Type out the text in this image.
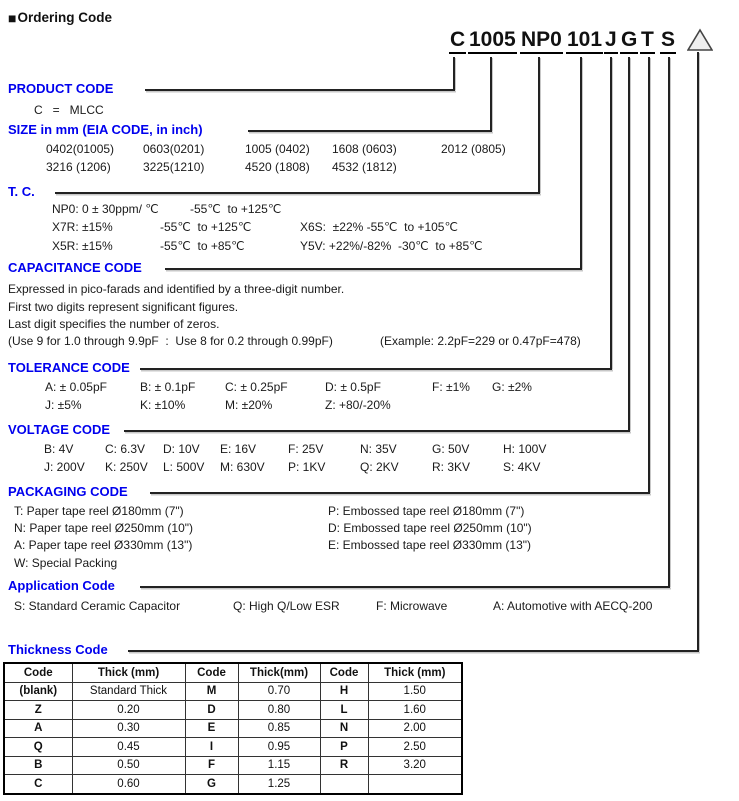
■ Ordering Code
C 1005 NP0 101 J G T S
PRODUCT CODE
SIZE in mm (EIA CODE, in inch)
T. C.
CAPACITANCE CODE
TOLERANCE CODE
VOLTAGE CODE
PACKAGING CODE
Application Code
Thickness Code
C   =   MLCC
0402(01005) 0603(0201)	1005 (0402) 1608 (0603)	2012 (0805)
3216 (1206)	3225(1210)	4520 (1808) 4532 (1812)
NP0: 0 ± 30ppm/ ℃	-55℃  to +125℃
X7R: ±15%	-55℃  to +125℃	X6S:  ±22% -55℃  to +105℃
X5R: ±15%	-55℃  to +85℃	Y5V: +22%/-82%  -30℃  to +85℃
Expressed in pico-farads and identified by a three-digit number.
First two digits represent significant figures.
Last digit specifies the number of zeros.
(Use 9 for 1.0 through 9.9pF  :  Use 8 for 0.2 through 0.99pF)	(Example: 2.2pF=229 or 0.47pF=478)
A: ± 0.05pF	B: ± 0.1pF C: ± 0.25pF	D: ± 0.5pF	F: ±1% G: ±2%
J: ±5%	K: ±10%	M: ±20%	Z: +80/-20%
B: 4V	C: 6.3V D: 10V E: 16V	F: 25V	N: 35V	G: 50V	H: 100V
J: 200V K: 250V L: 500V M: 630V P: 1KV	Q: 2KV	R: 3KV	S: 4KV
T: Paper tape reel Ø180mm (7")
N: Paper tape reel Ø250mm (10")
A: Paper tape reel Ø330mm (13")
W: Special Packing
P: Embossed tape reel Ø180mm (7")
D: Embossed tape reel Ø250mm (10")
E: Embossed tape reel Ø330mm (13")
S: Standard Ceramic Capacitor	Q: High Q/Low ESR	F: Microwave	A: Automotive with AECQ-200
Code	Thick (mm)	Code	Thick(mm)	Code	Thick (mm)
(blank)	Standard Thick	M	0.70	H	1.50
Z	0.20	D	0.80	L	1.60
A	0.30	E	0.85	N	2.00
Q	0.45	I	0.95	P	2.50
B	0.50	F	1.15	R	3.20
C	0.60	G	1.25		
